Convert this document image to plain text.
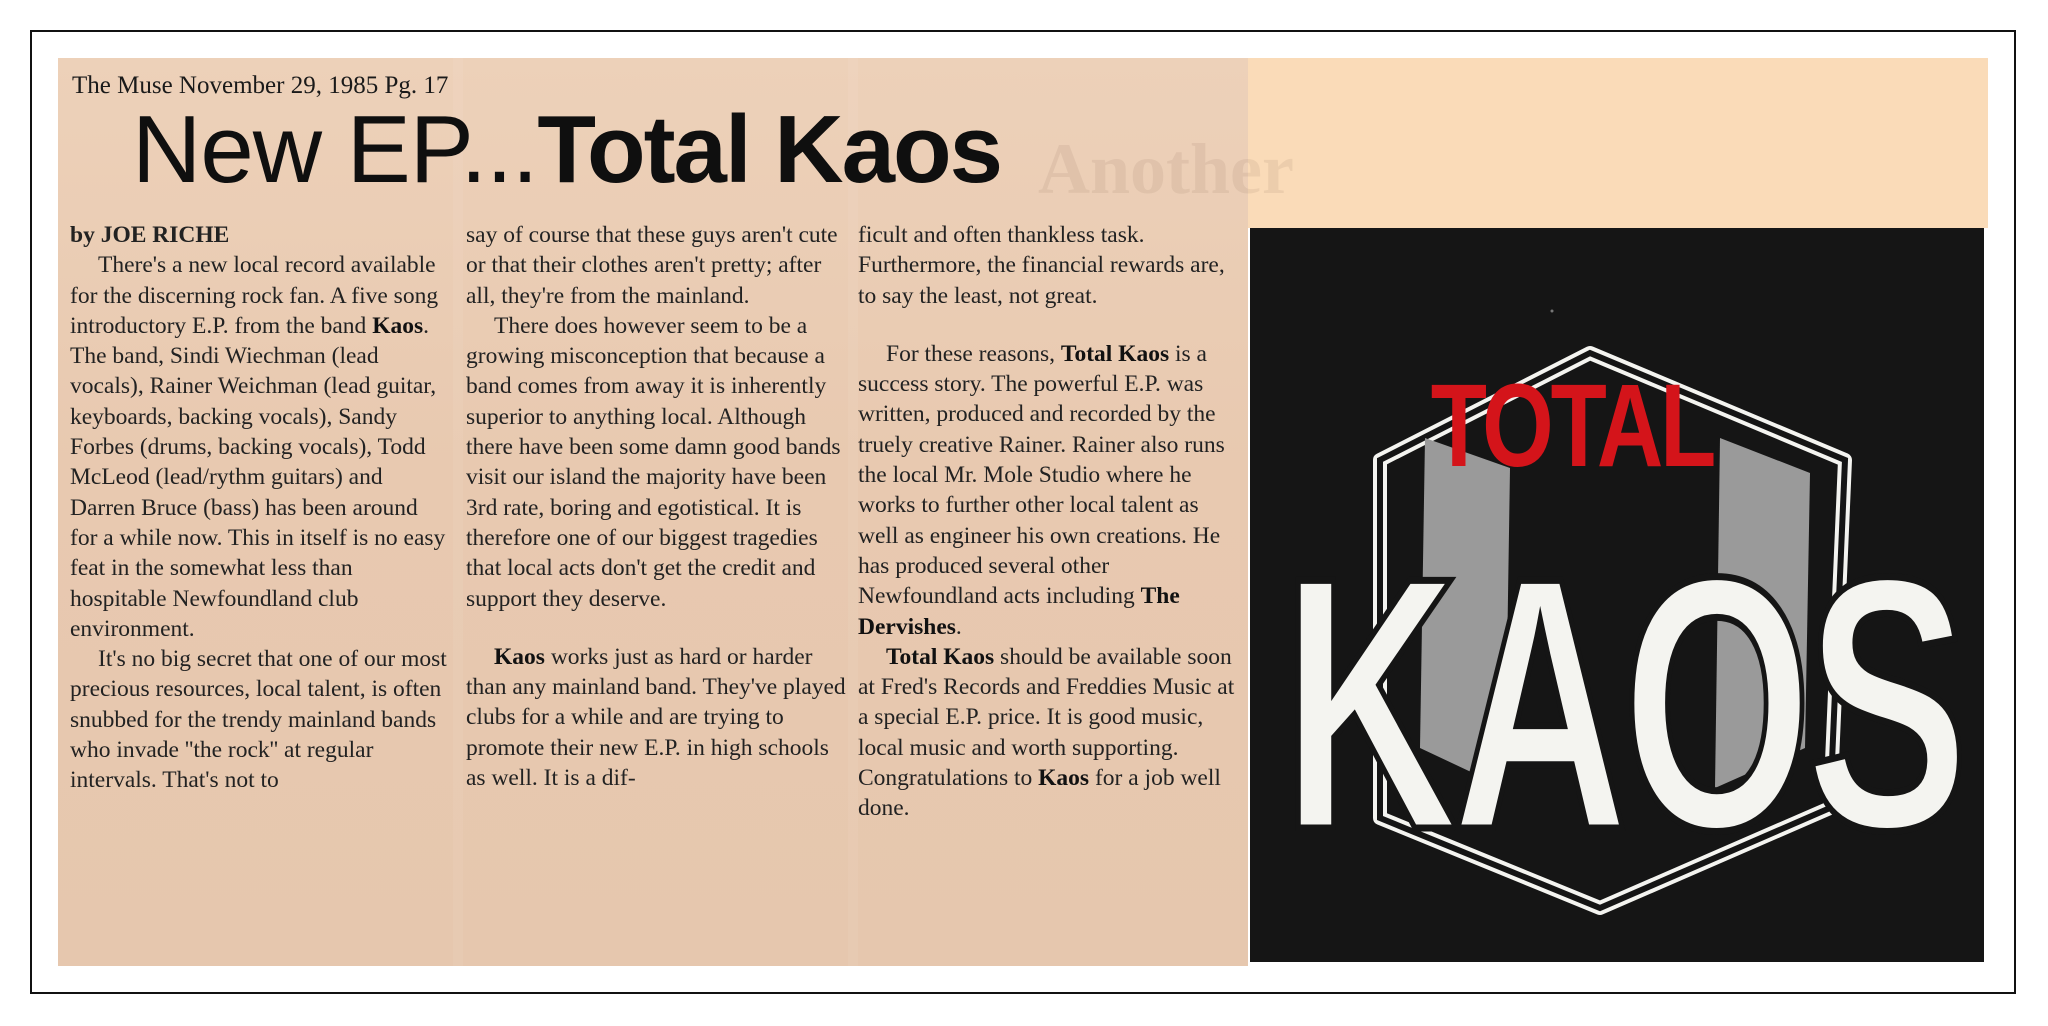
Another
The Muse November 29, 1985 Pg. 17
New EP...Total Kaos

by JOE RICHE

There's a new local record available for the discerning rock fan. A five song introductory E.P. from the band Kaos. The band, Sindi Wiechman (lead vocals), Rainer Weichman (lead guitar, keyboards, backing vocals), Sandy Forbes (drums, backing vocals), Todd McLeod (lead/rythm guitars) and Darren Bruce (bass) has been around for a while now. This in itself is no easy feat in the somewhat less than hospitable Newfoundland club environment.

It's no big secret that one of our most precious resources, local talent, is often snubbed for the trendy mainland bands who invade ''the rock'' at regular intervals. That's not to

say of course that these guys aren't cute or that their clothes aren't pretty; after all, they're from the mainland.

There does however seem to be a growing misconception that because a band comes from away it is inherently superior to anything local. Although there have been some damn good bands visit our island the majority have been 3rd rate, boring and egotistical. It is therefore one of our biggest tragedies that local acts don't get the credit and support they deserve.

Kaos works just as hard or harder than any mainland band. They've played clubs for a while and are trying to promote their new E.P. in high schools as well. It is a dif-

ficult and often thankless task. Furthermore, the financial rewards are, to say the least, not great.

For these reasons, Total Kaos is a success story. The powerful E.P. was written, produced and recorded by the truely creative Rainer. Rainer also runs the local Mr. Mole Studio where he works to further other local talent as well as engineer his own creations. He has produced several other Newfoundland acts including The Dervishes.

Total Kaos should be available soon at Fred's Records and Freddies Music at a special E.P. price. It is good music, local music and worth supporting. Congratulations to Kaos for a job well done.	KAOS
TOTAL
